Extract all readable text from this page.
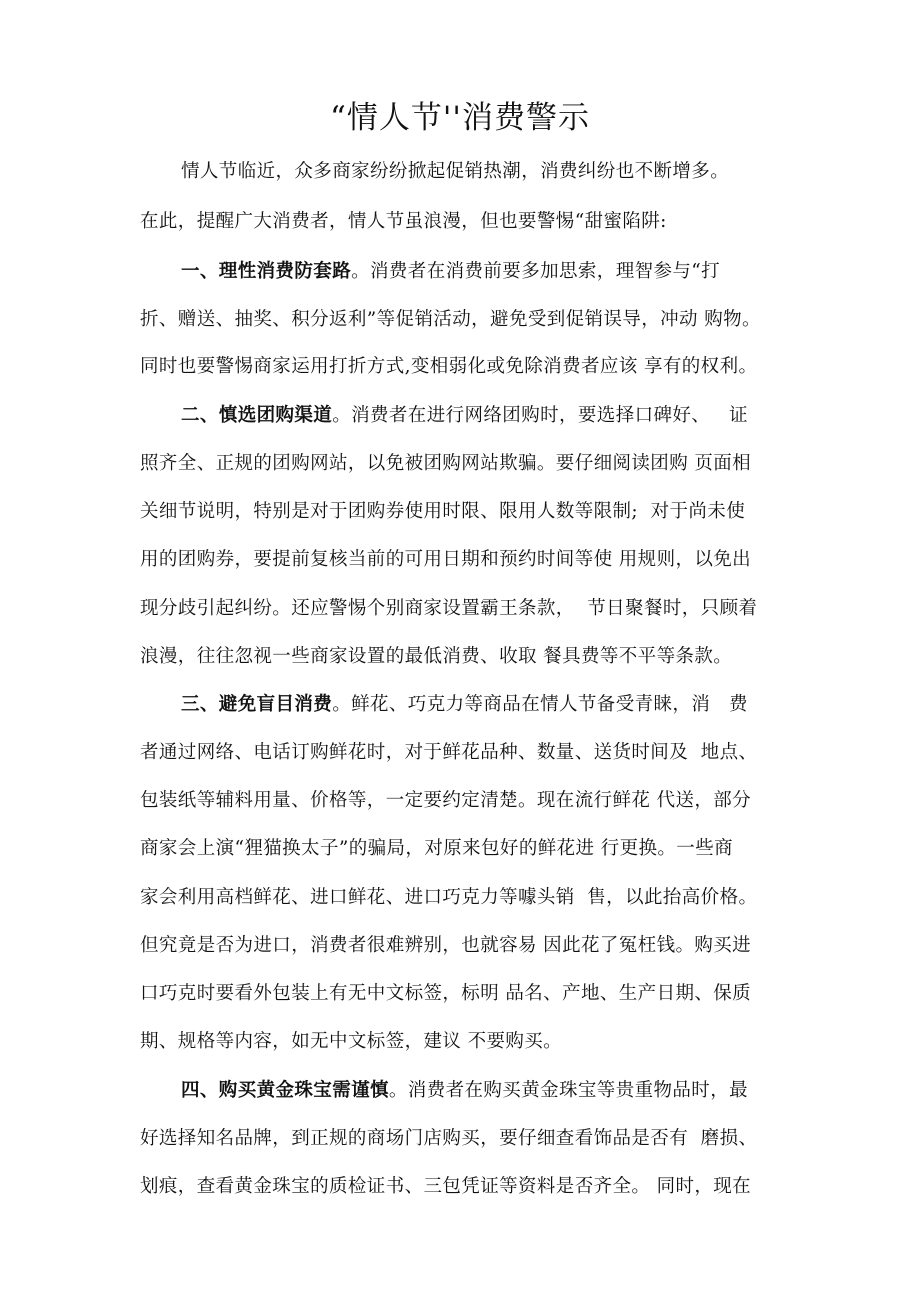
“情人节''消费警示
情人节临近，众多商家纷纷掀起促销热潮，消费纠纷也不断增多。
在此，提醒广大消费者，情人节虽浪漫，但也要警惕“甜蜜陷阱:
一、理性消费防套路。消费者在消费前要多加思索，理智参与“打
折、赠送、抽奖、积分返利”等促销活动，避免受到促销误导，冲动 购物。
同时也要警惕商家运用打折方式,变相弱化或免除消费者应该 享有的权利。
二、慎选团购渠道。消费者在进行网络团购时，要选择口碑好、   证
照齐全、正规的团购网站，以免被团购网站欺骗。要仔细阅读团购 页面相
关细节说明，特别是对于团购券使用时限、限用人数等限制;  对于尚未使
用的团购券，要提前复核当前的可用日期和预约时间等使 用规则，以免出
现分歧引起纠纷。还应警惕个别商家设置霸王条款，  节日聚餐时，只顾着
浪漫，往往忽视一些商家设置的最低消费、收取 餐具费等不平等条款。
三、避免盲目消费。鲜花、巧克力等商品在情人节备受青睐，消   费
者通过网络、电话订购鲜花时，对于鲜花品种、数量、送货时间及  地点、
包装纸等辅料用量、价格等，一定要约定清楚。现在流行鲜花 代送，部分
商家会上演“狸猫换太子”的骗局，对原来包好的鲜花进 行更换。一些商
家会利用高档鲜花、进口鲜花、进口巧克力等噱头销  售，以此抬高价格。
但究竟是否为进口，消费者很难辨别，也就容易 因此花了冤枉钱。购买进
口巧克时要看外包装上有无中文标签，标明 品名、产地、生产日期、保质
期、规格等内容，如无中文标签，建议 不要购买。
四、购买黄金珠宝需谨慎。消费者在购买黄金珠宝等贵重物品时，最
好选择知名品牌，到正规的商场门店购买，要仔细查看饰品是否有  磨损、
划痕，查看黄金珠宝的质检证书、三包凭证等资料是否齐全。 同时，现在
